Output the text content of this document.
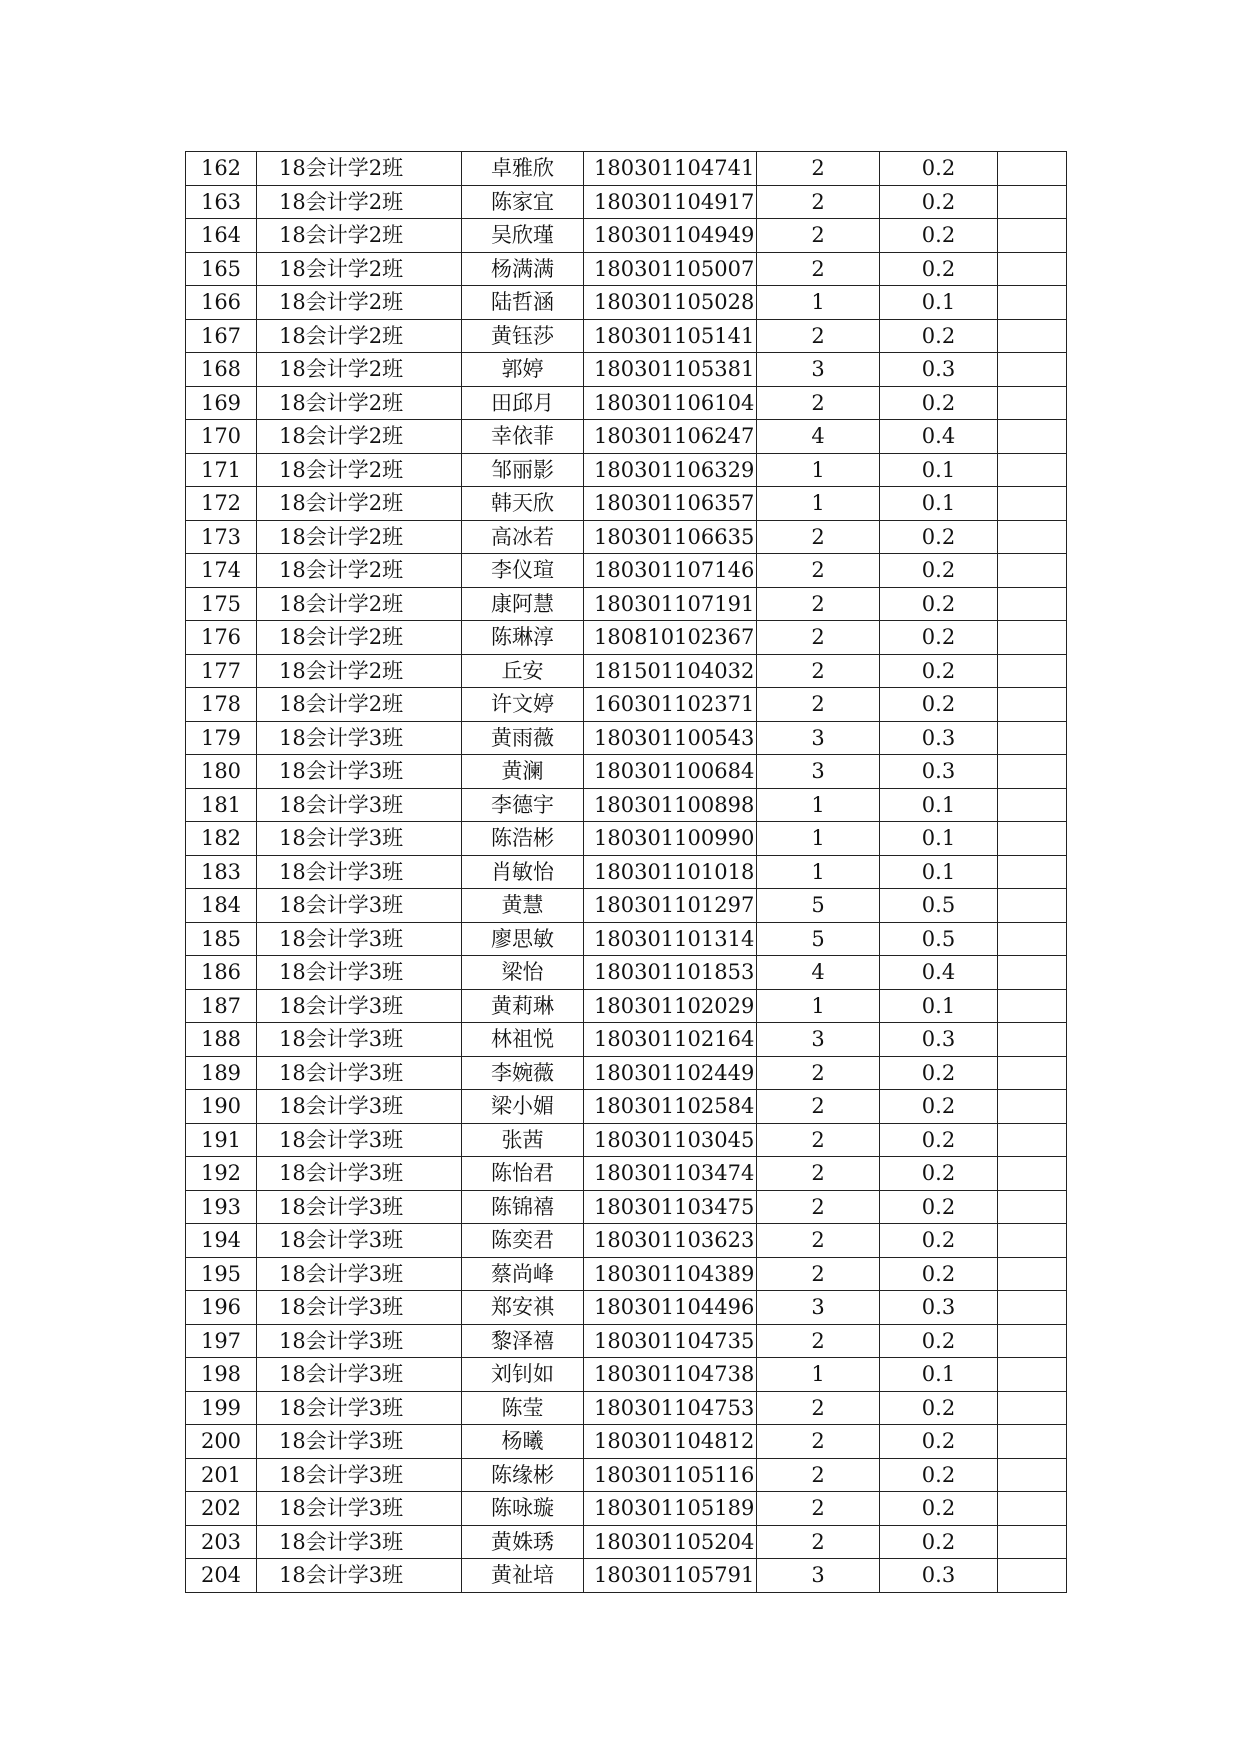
162	18会计学2班	卓雅欣	180301104741	2	0.2	
163	18会计学2班	陈家宜	180301104917	2	0.2	
164	18会计学2班	吴欣瑾	180301104949	2	0.2	
165	18会计学2班	杨满满	180301105007	2	0.2	
166	18会计学2班	陆哲涵	180301105028	1	0.1	
167	18会计学2班	黄钰莎	180301105141	2	0.2	
168	18会计学2班	郭婷	180301105381	3	0.3	
169	18会计学2班	田邱月	180301106104	2	0.2	
170	18会计学2班	幸依菲	180301106247	4	0.4	
171	18会计学2班	邹丽影	180301106329	1	0.1	
172	18会计学2班	韩天欣	180301106357	1	0.1	
173	18会计学2班	高冰若	180301106635	2	0.2	
174	18会计学2班	李仪瑄	180301107146	2	0.2	
175	18会计学2班	康阿慧	180301107191	2	0.2	
176	18会计学2班	陈琳淳	180810102367	2	0.2	
177	18会计学2班	丘安	181501104032	2	0.2	
178	18会计学2班	许文婷	160301102371	2	0.2	
179	18会计学3班	黄雨薇	180301100543	3	0.3	
180	18会计学3班	黄澜	180301100684	3	0.3	
181	18会计学3班	李德宇	180301100898	1	0.1	
182	18会计学3班	陈浩彬	180301100990	1	0.1	
183	18会计学3班	肖敏怡	180301101018	1	0.1	
184	18会计学3班	黄慧	180301101297	5	0.5	
185	18会计学3班	廖思敏	180301101314	5	0.5	
186	18会计学3班	梁怡	180301101853	4	0.4	
187	18会计学3班	黄莉琳	180301102029	1	0.1	
188	18会计学3班	林祖悦	180301102164	3	0.3	
189	18会计学3班	李婉薇	180301102449	2	0.2	
190	18会计学3班	梁小媚	180301102584	2	0.2	
191	18会计学3班	张茜	180301103045	2	0.2	
192	18会计学3班	陈怡君	180301103474	2	0.2	
193	18会计学3班	陈锦禧	180301103475	2	0.2	
194	18会计学3班	陈奕君	180301103623	2	0.2	
195	18会计学3班	蔡尚峰	180301104389	2	0.2	
196	18会计学3班	郑安祺	180301104496	3	0.3	
197	18会计学3班	黎泽禧	180301104735	2	0.2	
198	18会计学3班	刘钊如	180301104738	1	0.1	
199	18会计学3班	陈莹	180301104753	2	0.2	
200	18会计学3班	杨曦	180301104812	2	0.2	
201	18会计学3班	陈缘彬	180301105116	2	0.2	
202	18会计学3班	陈咏璇	180301105189	2	0.2	
203	18会计学3班	黄姝琇	180301105204	2	0.2	
204	18会计学3班	黄祉培	180301105791	3	0.3	
